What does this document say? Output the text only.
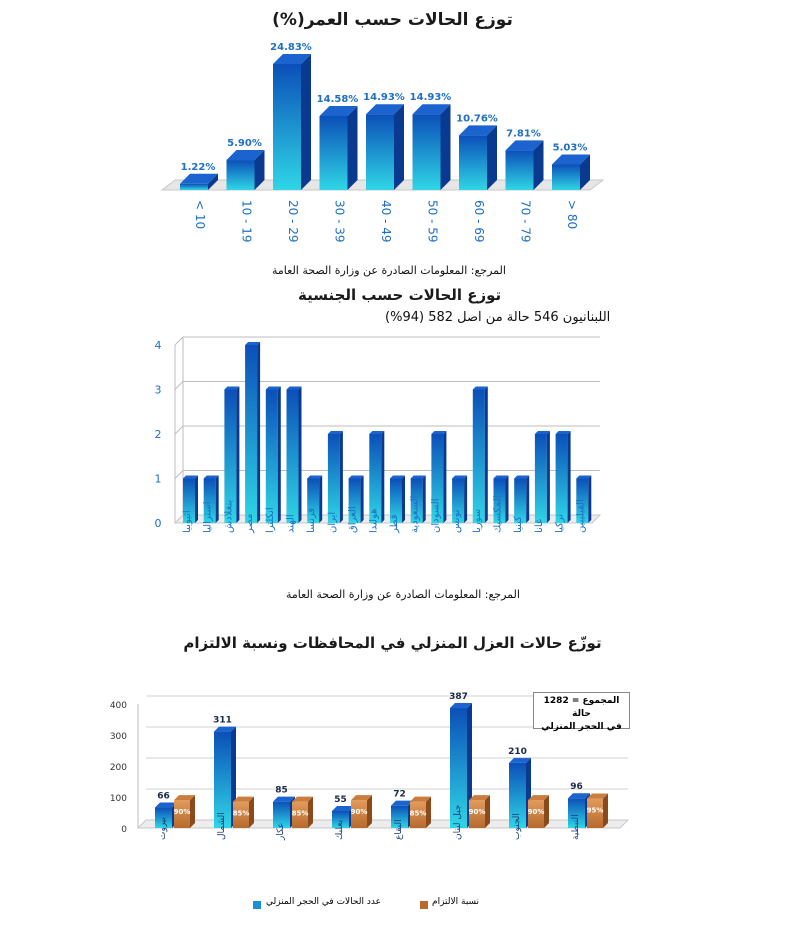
توزع الحالات حسب العمر(%)
1.22%
< 10
5.90%
10 - 19
24.83%
20 - 29
14.58%
30 - 39
14.93%
40 - 49
14.93%
50 - 59
10.76%
60 - 69
7.81%
70 - 79
5.03%
> 80
المرجع: المعلومات الصادرة عن وزارة الصحة العامة
توزع الحالات حسب الجنسية
اللبنانيون 546 حالة من اصل 582 (94%)
0
1
2
3
4
اثيوبيا استراليا بنغلادش مصر انكلترا الهند فرنسا ايران العراق هولندا قطر السعودية السودان تونس سوريا المكسيك كينيا غانا تركيا الفيليبين
المرجع: المعلومات الصادرة عن وزارة الصحة العامة
توزّع حالات العزل المنزلي في المحافظات ونسبة الالتزام
0
100
200
300
400
66
90%
بيروت
311
85%
الشمال
85
85%
عكار
55
90%
بعلبك
72
85%
البقاع
387
90%
جبل لبنان
210
90%
الجنوب
96
95%
النبطية
المجموع = 1282 حالة
في الحجر المنزلي
عدد الحالات في الحجر المنزلي	نسبة الالتزام
